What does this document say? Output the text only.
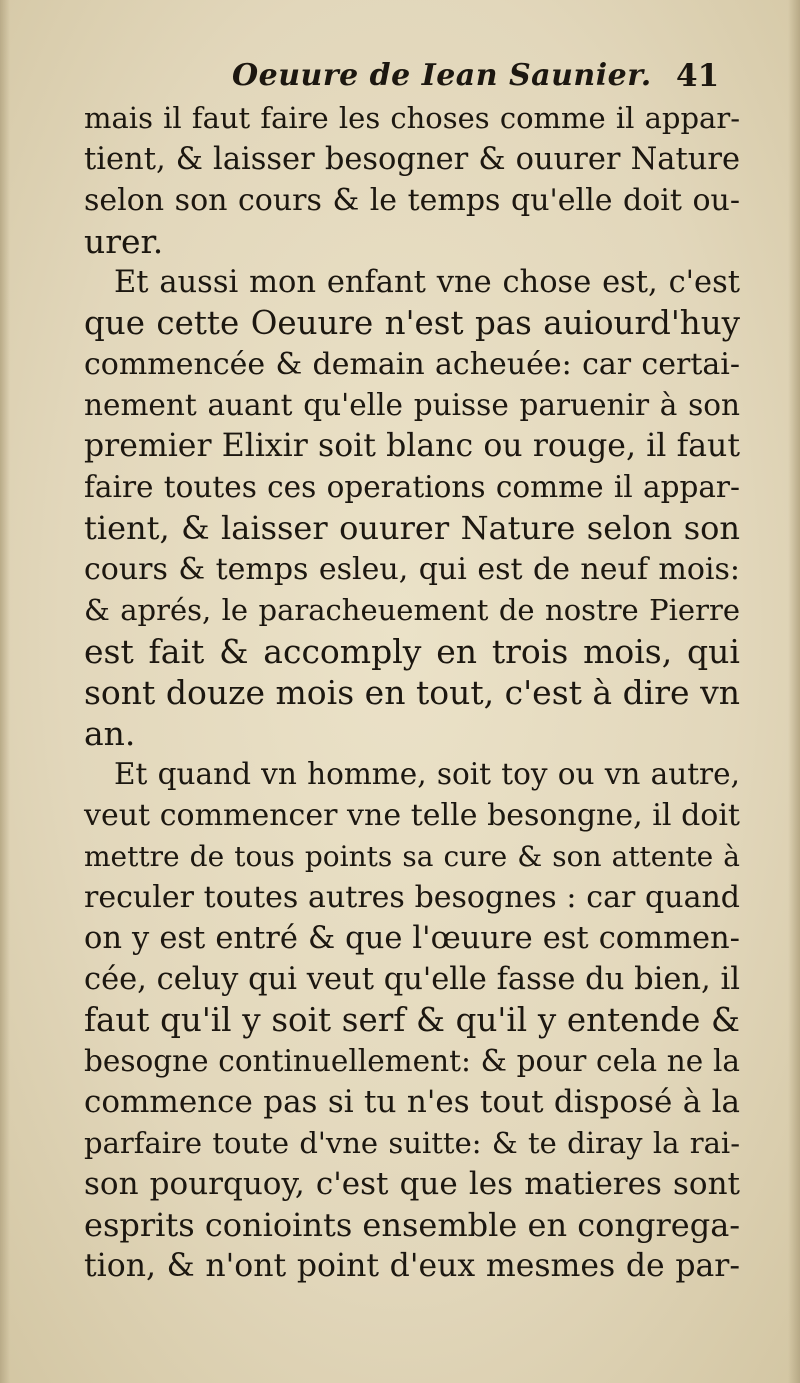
Oeuure de Iean Saunier. 41
mais il faut faire les choses comme il appar-
tient, & laisser besogner & ouurer Nature
selon son cours & le temps qu'elle doit ou-
urer.
Et aussi mon enfant vne chose est, c'est
que cette Oeuure n'est pas auiourd'huy
commencée & demain acheuée: car certai-
nement auant qu'elle puisse paruenir à son
premier Elixir soit blanc ou rouge, il faut
faire toutes ces operations comme il appar-
tient, & laisser ouurer Nature selon son
cours & temps esleu, qui est de neuf mois:
& aprés, le paracheuement de nostre Pierre
est fait & accomply en trois mois, qui
sont douze mois en tout, c'est à dire vn
an.
Et quand vn homme, soit toy ou vn autre,
veut commencer vne telle besongne, il doit
mettre de tous points sa cure & son attente à
reculer toutes autres besognes : car quand
on y est entré & que l'œuure est commen-
cée, celuy qui veut qu'elle fasse du bien, il
faut qu'il y soit serf & qu'il y entende &
besogne continuellement: & pour cela ne la
commence pas si tu n'es tout disposé à la
parfaire toute d'vne suitte: & te diray la rai-
son pourquoy, c'est que les matieres sont
esprits conioints ensemble en congrega-
tion, & n'ont point d'eux mesmes de par-
